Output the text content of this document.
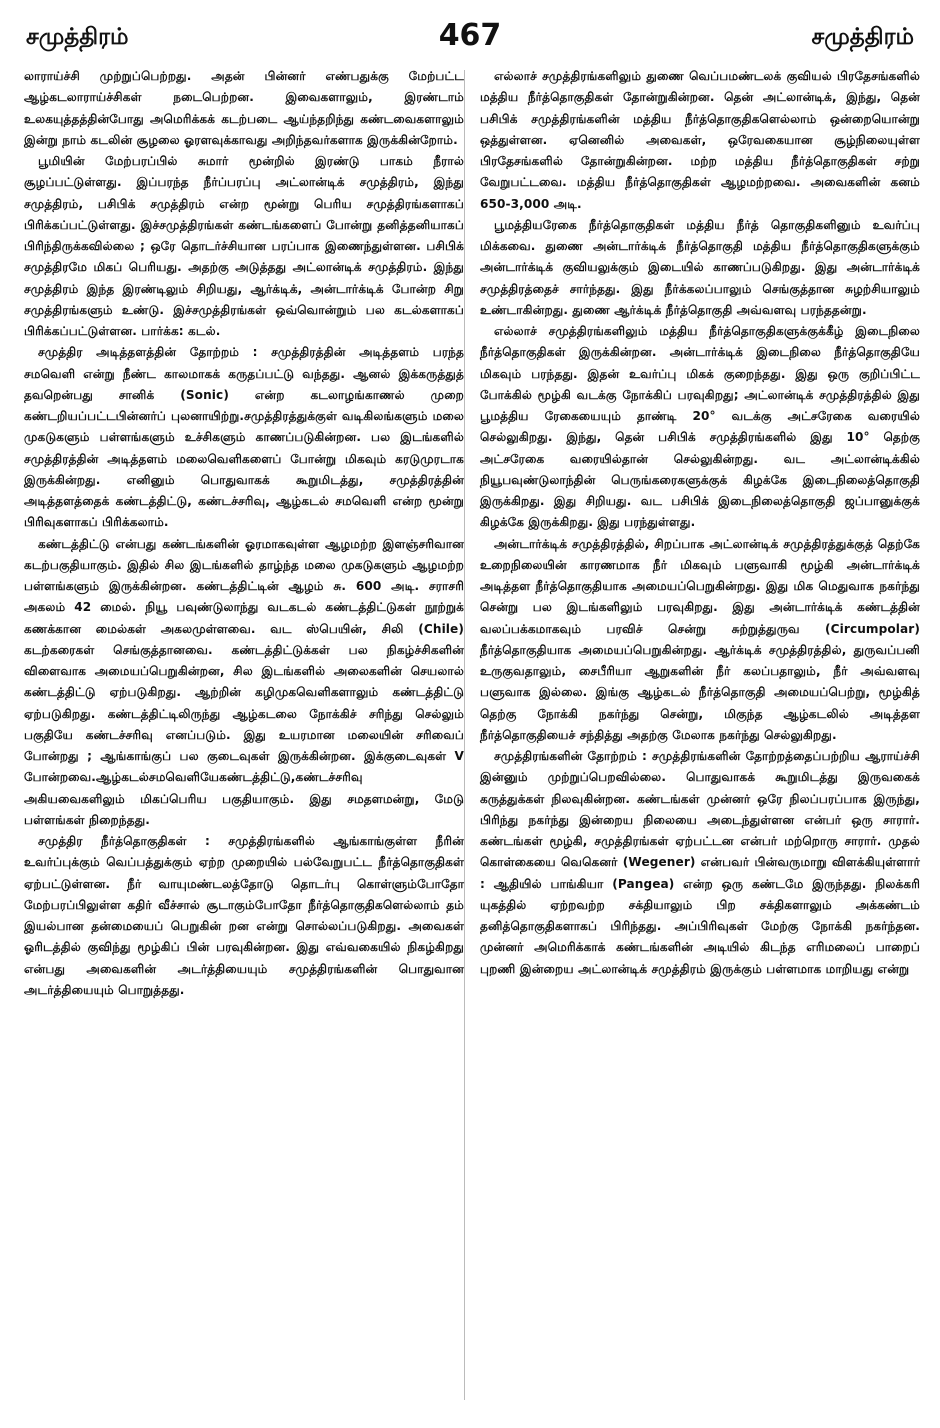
சமுத்திரம்	467	சமுத்திரம்

லாராய்ச்சி முற்றுப்பெற்றது. அதன் பின்னர் எண்பதுக்கு மேற்பட்ட ஆழ்கடலாராய்ச்சிகள் நடைபெற்றன. இவைகளாலும், இரண்டாம் உலகயுத்தத்தின்போது அமெரிக்கக் கடற்படை ஆய்ந்தறிந்து கண்டவைகளாலும் இன்று நாம் கடலின் சூழலை ஓரளவுக்காவது அறிந்தவர்களாக இருக்கின்றோம்.

பூமியின் மேற்பரப்பில் சுமார் மூன்றில் இரண்டு பாகம் நீரால் சூழப்பட்டுள்ளது. இப்பரந்த நீர்ப்பரப்பு அட்லான்டிக் சமுத்திரம், இந்து சமுத்திரம், பசிபிக் சமுத்திரம் என்ற மூன்று பெரிய சமுத்திரங்களாகப் பிரிக்கப்பட்டுள்ளது. இச்சமுத்திரங்கள் கண்டங்களைப் போன்று தனித்தனியாகப் பிரிந்திருக்கவில்லை ; ஒரே தொடர்ச்சியான பரப்பாக இணைந்துள்ளன. பசிபிக் சமுத்திரமே மிகப் பெரியது. அதற்கு அடுத்தது அட்லான்டிக் சமுத்திரம். இந்து சமுத்திரம் இந்த இரண்டிலும் சிறியது, ஆர்க்டிக், அன்டார்க்டிக் போன்ற சிறு சமுத்திரங்களும் உண்டு. இச்சமுத்திரங்கள் ஒவ்வொன்றும் பல கடல்களாகப் பிரிக்கப்பட்டுள்ளன. பார்க்க: கடல்.

சமுத்திர அடித்தளத்தின் தோற்றம் : சமுத்திரத்தின் அடித்தளம் பரந்த சமவெளி என்று நீண்ட காலமாகக் கருதப்பட்டு வந்தது. ஆனல் இக்கருத்துத் தவறென்பது சானிக் (Sonic) என்ற கடலாழங்காணல் முறை கண்டறியப்பட்டபின்னர்ப் புலனாயிற்று.சமுத்திரத்துக்குள் வடிகிலங்களும் மலை முகடுகளும் பள்ளங்களும் உச்சிகளும் காணப்படுகின்றன. பல இடங்களில் சமுத்திரத்தின் அடித்தளம் மலைவெளிகளைப் போன்று மிகவும் கரடுமுரடாக இருக்கின்றது. எனினும் பொதுவாகக் கூறுமிடத்து, சமுத்திரத்தின் அடித்தளத்தைக் கண்டத்திட்டு, கண்டச்சரிவு, ஆழ்கடல் சமவெளி என்ற மூன்று பிரிவுகளாகப் பிரிக்கலாம்.

கண்டத்திட்டு என்பது கண்டங்களின் ஓரமாகவுள்ள ஆழமற்ற இளஞ்சரிவான கடற்பகுதியாகும். இதில் சில இடங்களில் தாழ்ந்த மலை முகடுகளும் ஆழமற்ற பள்ளங்களும் இருக்கின்றன. கண்டத்திட்டின் ஆழம் சு. 600 அடி. சராசரி அகலம் 42 மைல். நியூ பவுண்டுலாந்து வடகடல் கண்டத்திட்டுகள் நூற்றுக் கணக்கான மைல்கள் அகலமுள்ளவை. வட ஸ்பெயின், சிலி (Chile) கடற்கரைகள் செங்குத்தானவை. கண்டத்திட்டுக்கள் பல நிகழ்ச்சிகளின் விளைவாக அமையப்பெறுகின்றன, சில இடங்களில் அலைகளின் செயலால் கண்டத்திட்டு ஏற்படுகிறது. ஆற்றின் கழிமுகவெளிகளாலும் கண்டத்திட்டு ஏற்படுகிறது. கண்டத்திட்டிலிருந்து ஆழ்கடலை நோக்கிச் சரிந்து செல்லும் பகுதியே கண்டச்சரிவு எனப்படும். இது உயரமான மலையின் சரிவைப் போன்றது ; ஆங்காங்குப் பல குடைவுகள் இருக்கின்றன. இக்குடைவுகள் V போன்றவை.ஆழ்கடல்சமவெளியேகண்டத்திட்டு,கண்டச்சரிவு அகியவைகளிலும் மிகப்பெரிய பகுதியாகும். இது சமதளமன்று, மேடு பள்ளங்கள் நிறைந்தது.

சமுத்திர நீர்த்தொகுதிகள் : சமுத்திரங்களில் ஆங்காங்குள்ள நீரின் உவர்ப்புக்கும் வெப்பத்துக்கும் ஏற்ற முறையில் பல்வேறுபட்ட நீர்த்தொகுதிகள் ஏற்பட்டுள்ளன. நீர் வாயுமண்டலத்தோடு தொடர்பு கொள்ளும்போதோ மேற்பரப்பிலுள்ள கதிர் வீச்சால் சூடாகும்போதோ நீர்த்தொகுதிகளெல்லாம் தம் இயல்பான தன்மையைப் பெறுகின் றன என்று சொல்லப்படுகிறது. அவைகள் ஓரிடத்தில் குவிந்து மூழ்கிப் பின் பரவுகின்றன. இது எவ்வகையில் நிகழ்கிறது என்பது அவைகளின் அடர்த்தியையும் சமுத்திரங்களின் பொதுவான அடர்த்தியையும் பொறுத்தது.

எல்லாச் சமுத்திரங்களிலும் துணை வெப்பமண்டலக் குவியல் பிரதேசங்களில் மத்திய நீர்த்தொகுதிகள் தோன்றுகின்றன. தென் அட்லான்டிக், இந்து, தென் பசிபிக் சமுத்திரங்களின் மத்திய நீர்த்தொகுதிகளெல்லாம் ஒன்றையொன்று ஒத்துள்ளன. ஏனெனில் அவைகள், ஒரேவகையான சூழ்நிலையுள்ள பிரதேசங்களில் தோன்றுகின்றன. மற்ற மத்திய நீர்த்தொகுதிகள் சற்று வேறுபட்டவை. மத்திய நீர்த்தொகுதிகள் ஆழமற்றவை. அவைகளின் கனம் 650-3,000 அடி.

பூமத்தியரேகை நீர்த்தொகுதிகள் மத்திய நீர்த் தொகுதிகளினும் உவர்ப்பு மிக்கவை. துணை அன்டார்க்டிக் நீர்த்தொகுதி மத்திய நீர்த்தொகுதிகளுக்கும் அன்டார்க்டிக் குவியலுக்கும் இடையில் காணப்படுகிறது. இது அன்டார்க்டிக் சமுத்திரத்தைச் சார்ந்தது. இது நீர்க்கலப்பாலும் செங்குத்தான சுழற்சியாலும் உண்டாகின்றது. துணை ஆர்க்டிக் நீர்த்தொகுதி அவ்வளவு பரந்ததன்று.

எல்லாச் சமுத்திரங்களிலும் மத்திய நீர்த்தொகுதிகளுக்குக்கீழ் இடைநிலை நீர்த்தொகுதிகள் இருக்கின்றன. அன்டார்க்டிக் இடைநிலை நீர்த்தொகுதியே மிகவும் பரந்தது. இதன் உவர்ப்பு மிகக் குறைந்தது. இது ஒரு குறிப்பிட்ட போக்கில் மூழ்கி வடக்கு நோக்கிப் பரவுகிறது; அட்லான்டிக் சமுத்திரத்தில் இது பூமத்திய ரேகையையும் தாண்டி 20° வடக்கு அட்சரேகை வரையில் செல்லுகிறது. இந்து, தென் பசிபிக் சமுத்திரங்களில் இது 10° தெற்கு அட்சரேகை வரையில்தான் செல்லுகின்றது. வட அட்லான்டிக்கில் நியூபவுண்டுலாந்தின் பெருங்கரைகளுக்குக் கிழக்கே இடைநிலைத்தொகுதி இருக்கிறது. இது சிறியது. வட பசிபிக் இடைநிலைத்தொகுதி ஜப்பானுக்குக் கிழக்கே இருக்கிறது. இது பரந்துள்ளது.

அன்டார்க்டிக் சமுத்திரத்தில், சிறப்பாக அட்லான்டிக் சமுத்திரத்துக்குத் தெற்கே உறைநிலையின் காரணமாக நீர் மிகவும் பளுவாகி மூழ்கி அன்டார்க்டிக் அடித்தள நீர்த்தொகுதியாக அமையப்பெறுகின்றது. இது மிக மெதுவாக நகர்ந்து சென்று பல இடங்களிலும் பரவுகிறது. இது அன்டார்க்டிக் கண்டத்தின் வலப்பக்கமாகவும் பரவிச் சென்று சுற்றுத்துருவ (Circumpolar) நீர்த்தொகுதியாக அமையப்பெறுகின்றது. ஆர்க்டிக் சமுத்திரத்தில், துருவப்பனி உருகுவதாலும், சைபீரியா ஆறுகளின் நீர் கலப்பதாலும், நீர் அவ்வளவு பளுவாக இல்லை. இங்கு ஆழ்கடல் நீர்த்தொகுதி அமையப்பெற்று, மூழ்கித் தெற்கு நோக்கி நகர்ந்து சென்று, மிகுந்த ஆழ்கடலில் அடித்தள நீர்த்தொகுதியைச் சந்தித்து அதற்கு மேலாக நகர்ந்து செல்லுகிறது.

சமுத்திரங்களின் தோற்றம் : சமுத்திரங்களின் தோற்றத்தைப்பற்றிய ஆராய்ச்சி இன்னும் முற்றுப்பெறவில்லை. பொதுவாகக் கூறுமிடத்து இருவகைக் கருத்துக்கள் நிலவுகின்றன. கண்டங்கள் முன்னர் ஒரே நிலப்பரப்பாக இருந்து, பிரிந்து நகர்ந்து இன்றைய நிலையை அடைந்துள்ளன என்பர் ஒரு சாரார். கண்டங்கள் மூழ்கி, சமுத்திரங்கள் ஏற்பட்டன என்பர் மற்றொரு சாரார். முதல் கொள்கையை வெகெனர் (Wegener) என்பவர் பின்வருமாறு விளக்கியுள்ளார் : ஆதியில் பாங்கியா (Pangea) என்ற ஒரு கண்டமே இருந்தது. நிலக்கரி யுகத்தில் ஏற்றவற்ற சக்தியாலும் பிற சக்திகளாலும் அக்கண்டம் தனித்தொகுதிகளாகப் பிரிந்தது. அப்பிரிவுகள் மேற்கு நோக்கி நகர்ந்தன. முன்னர் அமெரிக்காக் கண்டங்களின் அடியில் கிடந்த எரிமலைப் பாறைப் புறணி இன்றைய அட்லான்டிக் சமுத்திரம் இருக்கும் பள்ளமாக மாறியது என்று
